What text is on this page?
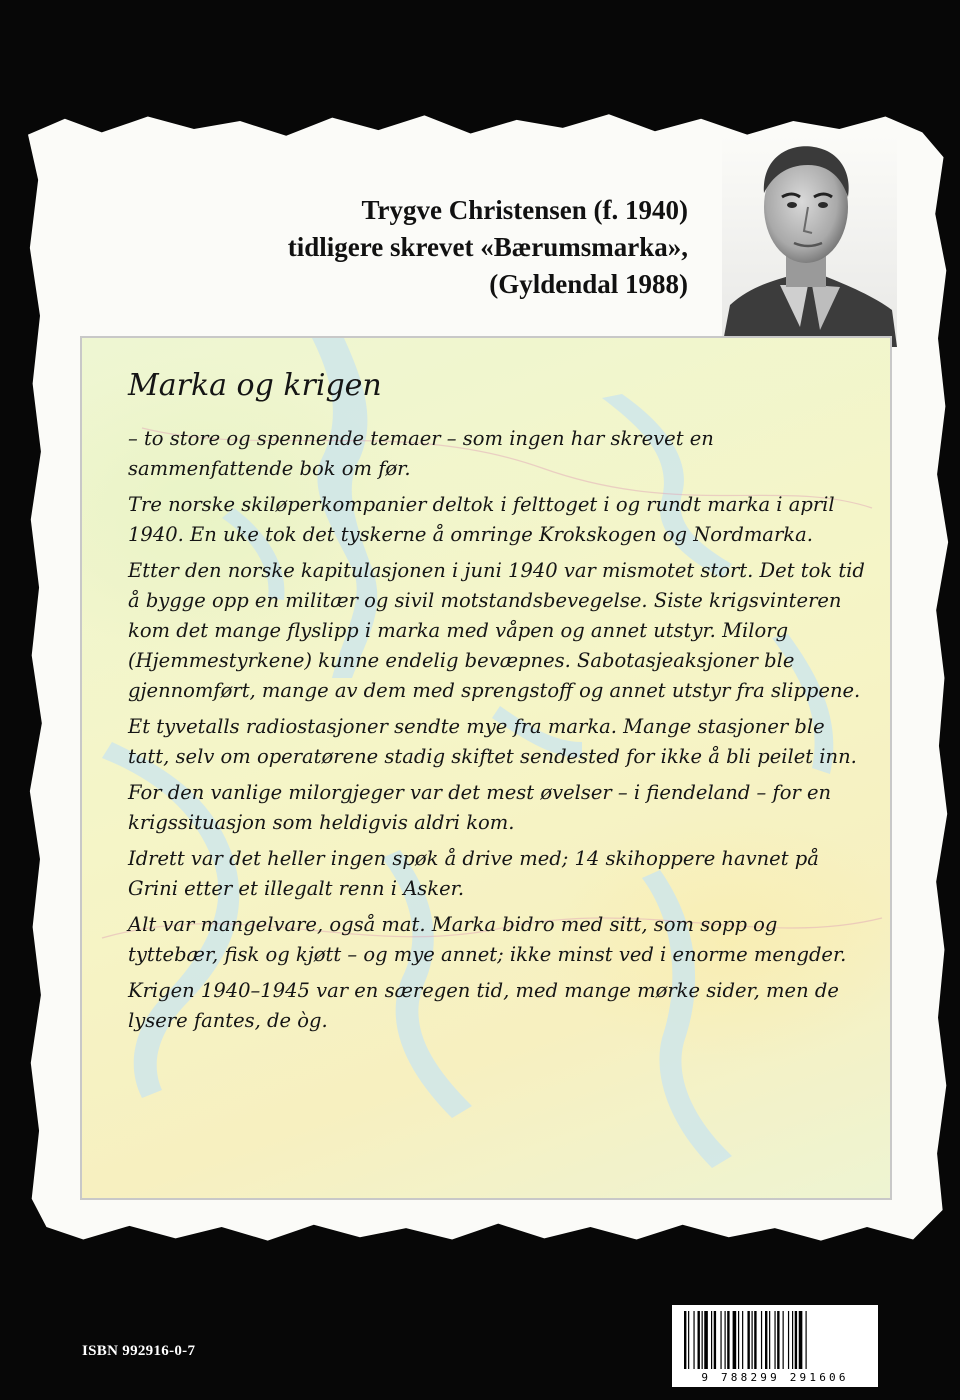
Trygve Christensen (f. 1940)
tidligere skrevet «Bærumsmarka»,
(Gyldendal 1988)
Marka og krigen

– to store og spennende temaer – som ingen har skrevet en sammenfattende bok om før.

Tre norske skiløperkompanier deltok i felttoget i og rundt marka i april 1940. En uke tok det tyskerne å omringe Krokskogen og Nordmarka.

Etter den norske kapitulasjonen i juni 1940 var mismotet stort. Det tok tid å bygge opp en militær og sivil motstandsbevegelse. Siste krigsvinteren kom det mange flyslipp i marka med våpen og annet utstyr. Milorg (Hjemmestyrkene) kunne endelig bevæpnes. Sabotasjeaksjoner ble gjennomført, mange av dem med sprengstoff og annet utstyr fra slippene.

Et tyvetalls radiostasjoner sendte mye fra marka. Mange stasjoner ble tatt, selv om operatørene stadig skiftet sendested for ikke å bli peilet inn.

For den vanlige milorgjeger var det mest øvelser – i fiendeland – for en krigssituasjon som heldigvis aldri kom.

Idrett var det heller ingen spøk å drive med; 14 skihoppere havnet på Grini etter et illegalt renn i Asker.

Alt var mangelvare, også mat. Marka bidro med sitt, som sopp og tyttebær, fisk og kjøtt – og mye annet; ikke minst ved i enorme mengder.

Krigen 1940–1945 var en særegen tid, med mange mørke sider, men de lysere fantes, de òg.

ISBN 992916-0-7
9 788299 291606
